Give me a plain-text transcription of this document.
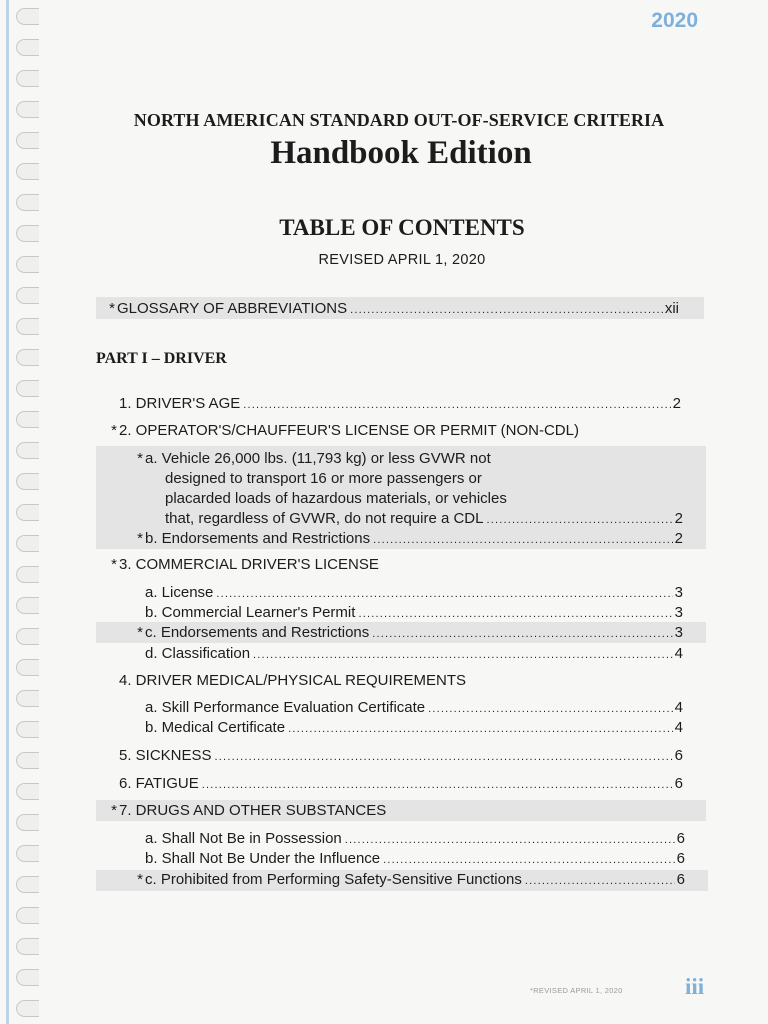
2020
NORTH AMERICAN STANDARD OUT-OF-SERVICE CRITERIA
Handbook Edition
TABLE OF CONTENTS
REVISED APRIL 1, 2020
* GLOSSARY OF ABBREVIATIONS .....	xii
PART I – DRIVER
1. DRIVER'S AGE .....	2
* 2. OPERATOR'S/CHAUFFEUR'S LICENSE OR PERMIT (NON-CDL)
* a. Vehicle 26,000 lbs. (11,793 kg) or less GVWR not
designed to transport 16 or more passengers or
placarded loads of hazardous materials, or vehicles
that, regardless of GVWR, do not require a CDL .....	2
* b. Endorsements and Restrictions .....	2
* 3. COMMERCIAL DRIVER'S LICENSE
a. License .....	3
b. Commercial Learner's Permit .....	3
* c. Endorsements and Restrictions .....	3
d. Classification .....	4
4. DRIVER MEDICAL/PHYSICAL REQUIREMENTS
a. Skill Performance Evaluation Certificate .....	4
b. Medical Certificate .....	4
5. SICKNESS .....	6
6. FATIGUE .....	6
* 7. DRUGS AND OTHER SUBSTANCES
a. Shall Not Be in Possession .....	6
b. Shall Not Be Under the Influence .....	6
* c. Prohibited from Performing Safety-Sensitive Functions .....	6
*REVISED APRIL 1, 2020	iii
